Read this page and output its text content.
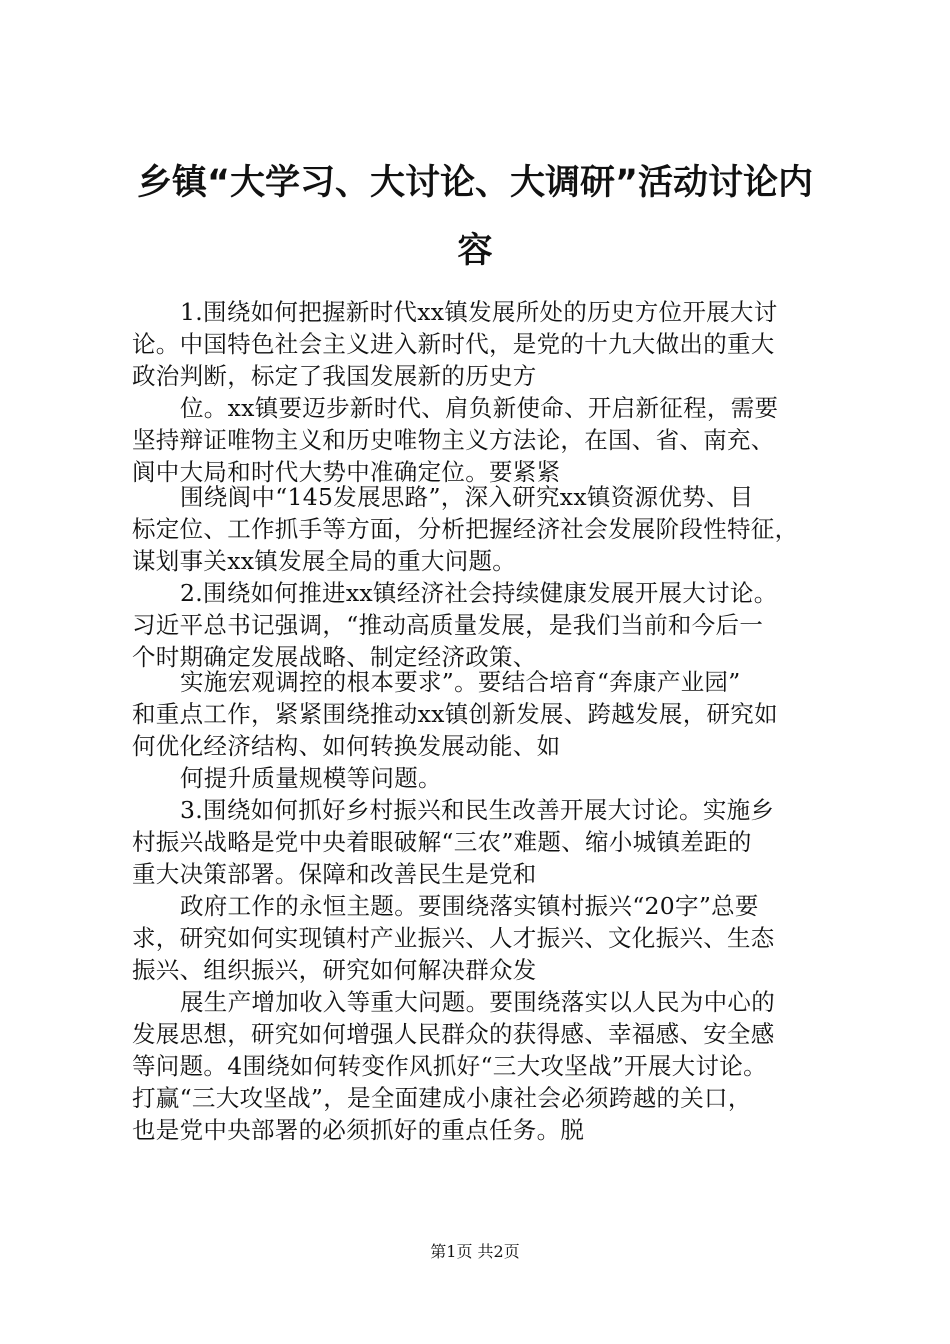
乡镇“大学习、大讨论、大调研”活动讨论内
容
1.围绕如何把握新时代xx镇发展所处的历史方位开展大讨
论。中国特色社会主义进入新时代，是党的十九大做出的重大
政治判断，标定了我国发展新的历史方
位。xx镇要迈步新时代、肩负新使命、开启新征程，需要
坚持辩证唯物主义和历史唯物主义方法论，在国、省、南充、
阆中大局和时代大势中准确定位。要紧紧
围绕阆中“145发展思路”，深入研究xx镇资源优势、目
标定位、工作抓手等方面，分析把握经济社会发展阶段性特征，
谋划事关xx镇发展全局的重大问题。
2.围绕如何推进xx镇经济社会持续健康发展开展大讨论。
习近平总书记强调，“推动高质量发展，是我们当前和今后一
个时期确定发展战略、制定经济政策、
实施宏观调控的根本要求”。要结合培育“奔康产业园”
和重点工作，紧紧围绕推动xx镇创新发展、跨越发展，研究如
何优化经济结构、如何转换发展动能、如
何提升质量规模等问题。
3.围绕如何抓好乡村振兴和民生改善开展大讨论。实施乡
村振兴战略是党中央着眼破解“三农”难题、缩小城镇差距的
重大决策部署。保障和改善民生是党和
政府工作的永恒主题。要围绕落实镇村振兴“20字”总要
求，研究如何实现镇村产业振兴、人才振兴、文化振兴、生态
振兴、组织振兴，研究如何解决群众发
展生产增加收入等重大问题。要围绕落实以人民为中心的
发展思想，研究如何增强人民群众的获得感、幸福感、安全感
等问题。4围绕如何转变作风抓好“三大攻坚战”开展大讨论。
打赢“三大攻坚战”，是全面建成小康社会必须跨越的关口，
也是党中央部署的必须抓好的重点任务。脱
第1页 共2页
